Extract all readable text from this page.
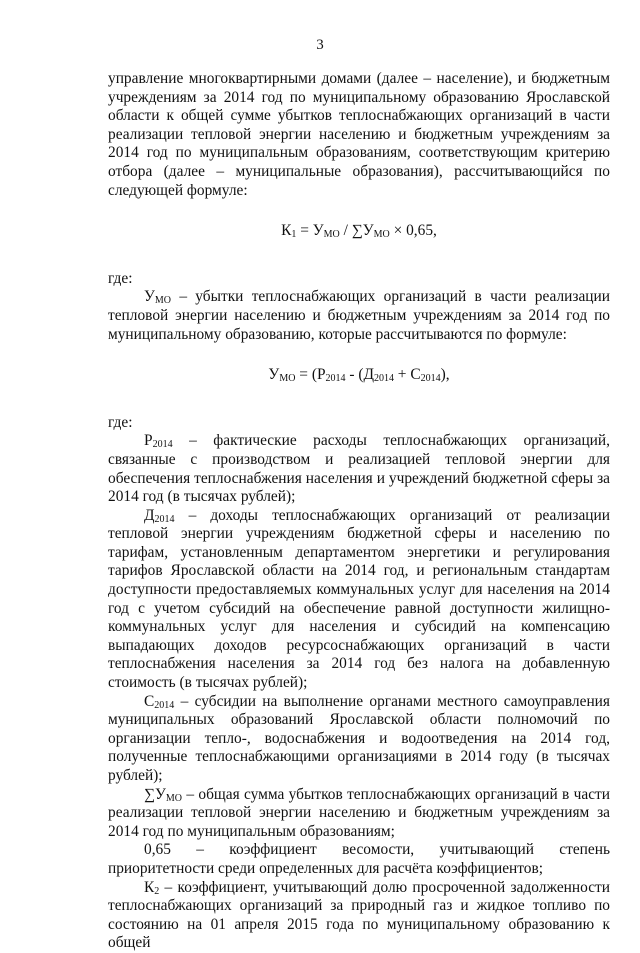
3

управление многоквартирными домами (далее – население), и бюджетным учреждениям за 2014 год по муниципальному образованию Ярославской области к общей сумме убытков теплоснабжающих организаций в части реализации тепловой энергии населению и бюджетным учреждениям за 2014 год по муниципальным образованиям, соответствующим критерию отбора (далее – муниципальные образования), рассчитывающийся по следующей формуле:

$К_1 = У_{МО} / \sum У_{МО} \times 0,65$,

где:

$У_{МО}$ – убытки теплоснабжающих организаций в части реализации тепловой энергии населению и бюджетным учреждениям за 2014 год по муниципальному образованию, которые рассчитываются по формуле:

$У_{МО} = (Р_{2014} - (Д_{2014} + С_{2014})$,

где:

$Р_{2014}$ – фактические расходы теплоснабжающих организаций, связанные с производством и реализацией тепловой энергии для обеспечения теплоснабжения населения и учреждений бюджетной сферы за 2014 год (в тысячах рублей);

$Д_{2014}$ – доходы теплоснабжающих организаций от реализации тепловой энергии учреждениям бюджетной сферы и населению по тарифам, установленным департаментом энергетики и регулирования тарифов Ярославской области на 2014 год, и региональным стандартам доступности предоставляемых коммунальных услуг для населения на 2014 год с учетом субсидий на обеспечение равной доступности жилищно-коммунальных услуг для населения и субсидий на компенсацию выпадающих доходов ресурсоснабжающих организаций в части теплоснабжения населения за 2014 год без налога на добавленную стоимость (в тысячах рублей);

$С_{2014}$ – субсидии на выполнение органами местного самоуправления муниципальных образований Ярославской области полномочий по организации тепло-, водоснабжения и водоотведения на 2014 год, полученные теплоснабжающими организациями в 2014 году (в тысячах рублей);

$\sum У_{МО}$ – общая сумма убытков теплоснабжающих организаций в части реализации тепловой энергии населению и бюджетным учреждениям за 2014 год по муниципальным образованиям;

0,65 – коэффициент весомости, учитывающий степень приоритетности среди определенных для расчёта коэффициентов;

$К_2$ – коэффициент, учитывающий долю просроченной задолженности теплоснабжающих организаций за природный газ и жидкое топливо по состоянию на 01 апреля 2015 года по муниципальному образованию к общей
